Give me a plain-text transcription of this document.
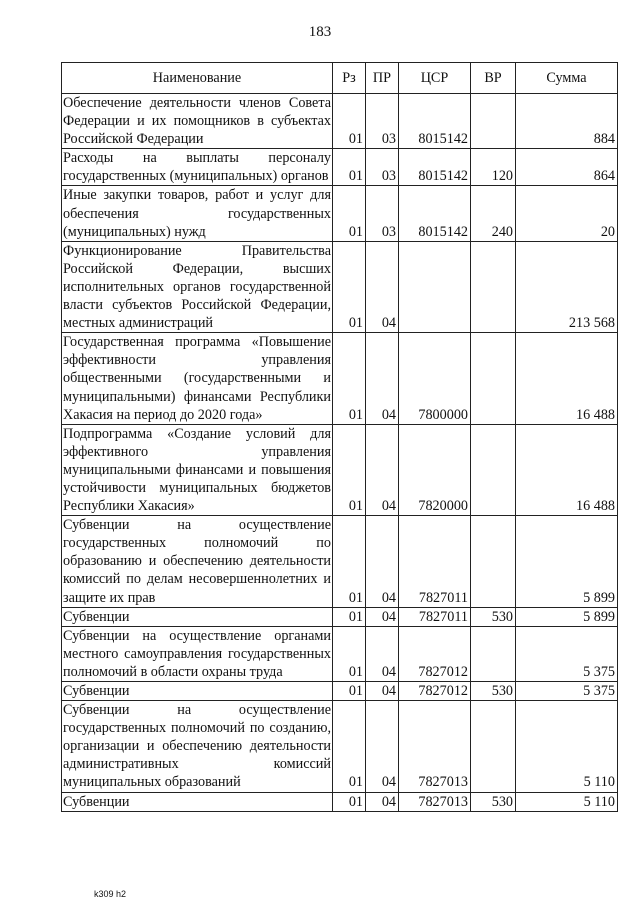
183
Наименование	Рз	ПР	ЦСР	ВР	Сумма
Обеспечение деятельности членов Совета Федерации и их помощников в субъектах Российской Федерации	01	03	8015142		884
Расходы на выплаты персоналу государственных (муниципальных) органов	01	03	8015142	120	864
Иные закупки товаров, работ и услуг для обеспечения государственных (муниципальных) нужд	01	03	8015142	240	20
Функционирование Правительства Российской Федерации, высших исполнительных органов государственной власти субъектов Российской Федерации, местных администраций	01	04			213 568
Государственная программа «Повышение эффективности управления общественными (государственными и муниципальными) финансами Республики Хакасия на период до 2020 года»	01	04	7800000		16 488
Подпрограмма «Создание условий для эффективного управления муниципальными финансами и повышения устойчивости муниципальных бюджетов Республики Хакасия»	01	04	7820000		16 488
Субвенции на осуществление государственных полномочий по образованию и обеспечению деятельности комиссий по делам несовершеннолетних и защите их прав	01	04	7827011		5 899
Субвенции	01	04	7827011	530	5 899
Субвенции на осуществление органами местного самоуправления государственных полномочий в области охраны труда	01	04	7827012		5 375
Субвенции	01	04	7827012	530	5 375
Субвенции на осуществление государственных полномочий по созданию, организации и обеспечению деятельности административных комиссий муниципальных образований	01	04	7827013		5 110
Субвенции	01	04	7827013	530	5 110
k309 h2
